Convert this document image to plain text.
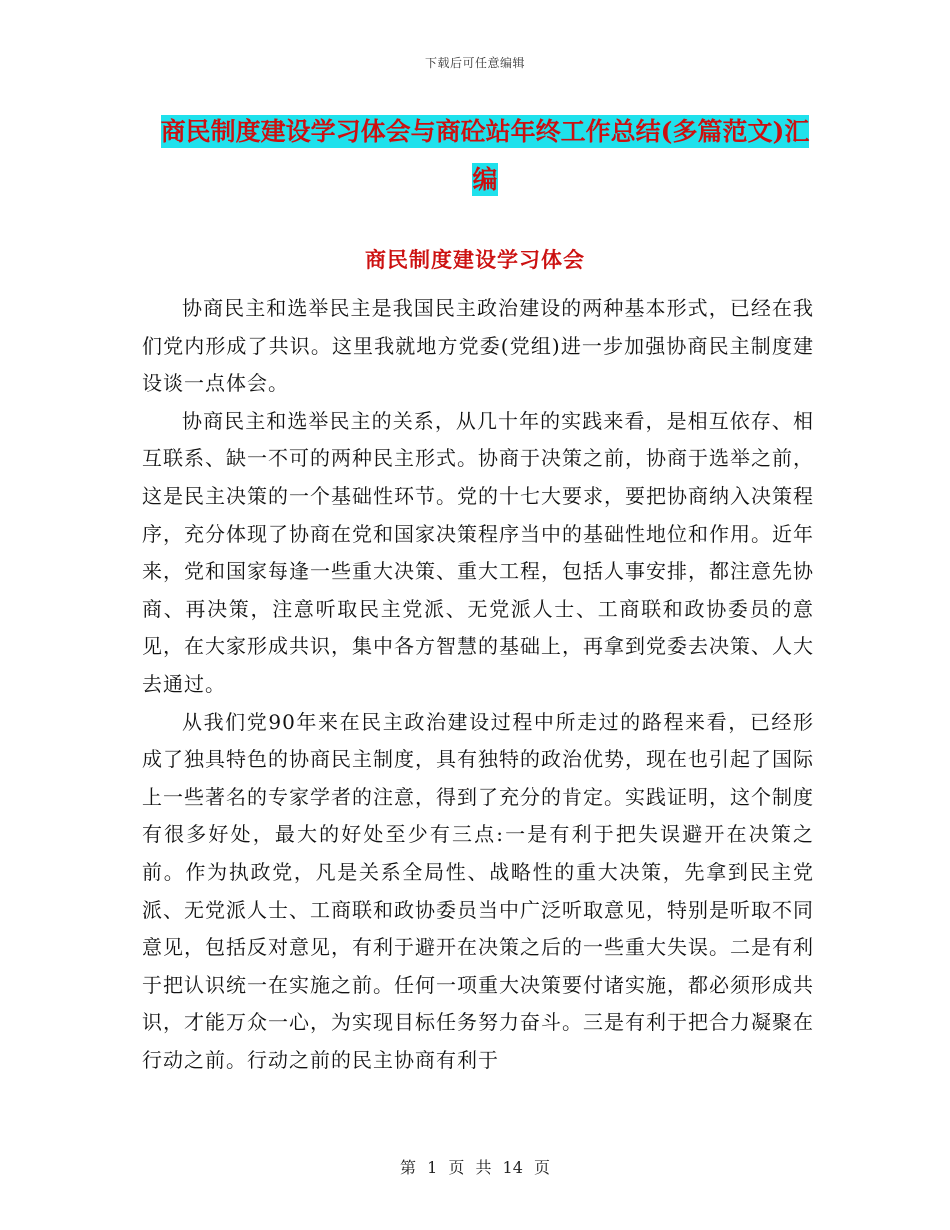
下载后可任意编辑
商民制度建设学习体会与商砼站年终工作总结(多篇范文)汇编
商民制度建设学习体会

协商民主和选举民主是我国民主政治建设的两种基本形式，已经在我们党内形成了共识。这里我就地方党委(党组)进一步加强协商民主制度建设谈一点体会。

协商民主和选举民主的关系，从几十年的实践来看，是相互依存、相互联系、缺一不可的两种民主形式。协商于决策之前，协商于选举之前，这是民主决策的一个基础性环节。党的十七大要求，要把协商纳入决策程序，充分体现了协商在党和国家决策程序当中的基础性地位和作用。近年来，党和国家每逢一些重大决策、重大工程，包括人事安排，都注意先协商、再决策，注意听取民主党派、无党派人士、工商联和政协委员的意见，在大家形成共识，集中各方智慧的基础上，再拿到党委去决策、人大去通过。

从我们党90年来在民主政治建设过程中所走过的路程来看，已经形成了独具特色的协商民主制度，具有独特的政治优势，现在也引起了国际上一些著名的专家学者的注意，得到了充分的肯定。实践证明，这个制度有很多好处，最大的好处至少有三点:一是有利于把失误避开在决策之前。作为执政党，凡是关系全局性、战略性的重大决策，先拿到民主党派、无党派人士、工商联和政协委员当中广泛听取意见，特别是听取不同意见，包括反对意见，有利于避开在决策之后的一些重大失误。二是有利于把认识统一在实施之前。任何一项重大决策要付诸实施，都必须形成共识，才能万众一心，为实现目标任务努力奋斗。三是有利于把合力凝聚在行动之前。行动之前的民主协商有利于

第 1 页 共 14 页
